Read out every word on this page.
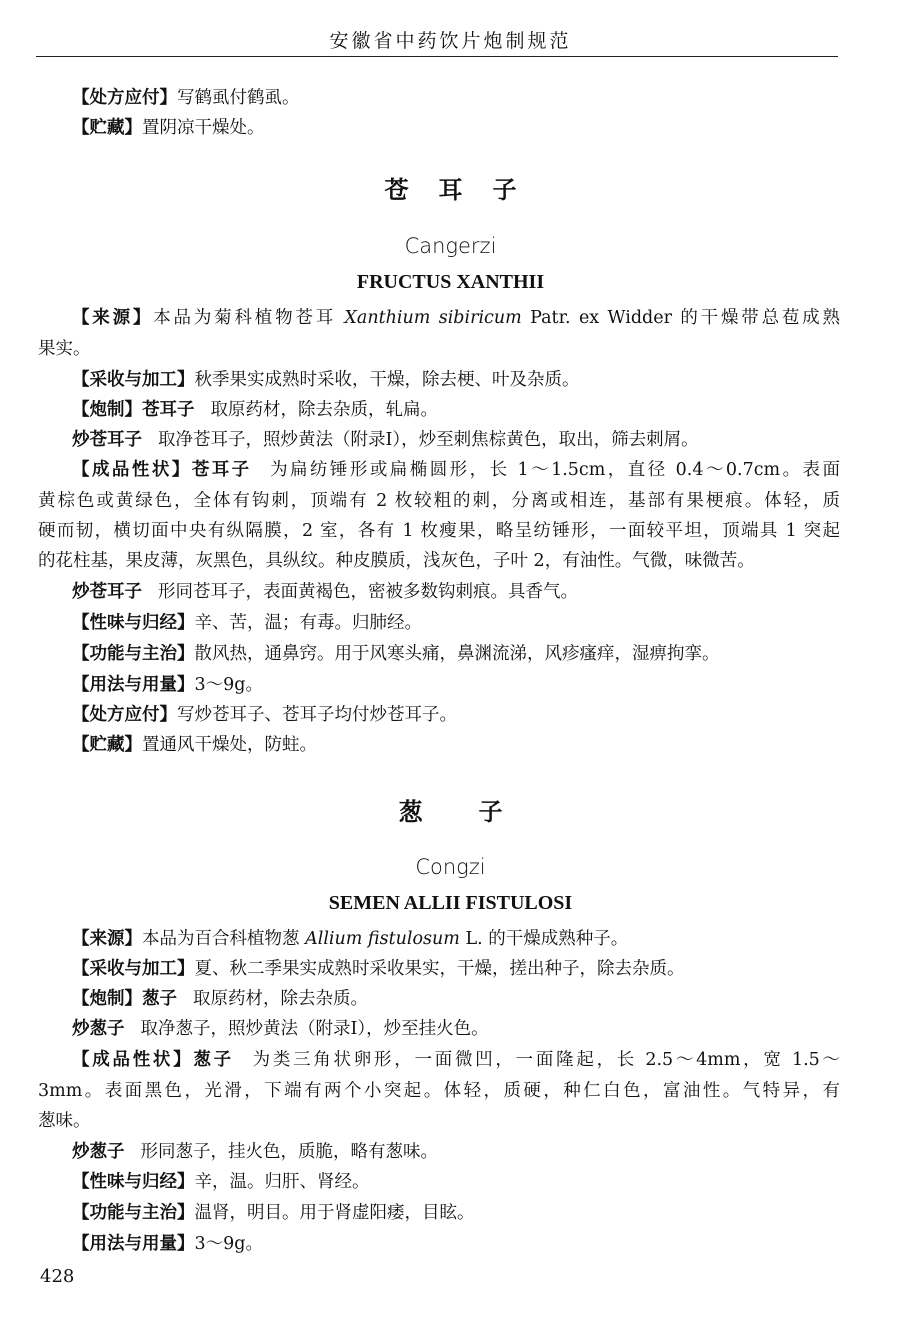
安徽省中药饮片炮制规范
【处方应付】写鹤虱付鹤虱。
【贮藏】置阴凉干燥处。
苍耳子
Cangerzi
FRUCTUS XANTHII
【来源】本品为菊科植物苍耳 Xanthium sibiricum Patr. ex Widder 的干燥带总苞成熟
果实。
【采收与加工】秋季果实成熟时采收，干燥，除去梗、叶及杂质。
【炮制】苍耳子 取原药材，除去杂质，轧扁。
炒苍耳子 取净苍耳子，照炒黄法（附录Ⅰ），炒至刺焦棕黄色，取出，筛去刺屑。
【成品性状】苍耳子 为扁纺锤形或扁椭圆形，长 1～1.5cm，直径 0.4～0.7cm。表面
黄棕色或黄绿色，全体有钩刺，顶端有 2 枚较粗的刺，分离或相连，基部有果梗痕。体轻，质
硬而韧，横切面中央有纵隔膜，2 室，各有 1 枚瘦果，略呈纺锤形，一面较平坦，顶端具 1 突起
的花柱基，果皮薄，灰黑色，具纵纹。种皮膜质，浅灰色，子叶 2，有油性。气微，味微苦。
炒苍耳子 形同苍耳子，表面黄褐色，密被多数钩刺痕。具香气。
【性味与归经】辛、苦，温；有毒。归肺经。
【功能与主治】散风热，通鼻窍。用于风寒头痛，鼻渊流涕，风疹瘙痒，湿痹拘挛。
【用法与用量】3～9g。
【处方应付】写炒苍耳子、苍耳子均付炒苍耳子。
【贮藏】置通风干燥处，防蛀。
葱子
Congzi
SEMEN ALLII FISTULOSI
【来源】本品为百合科植物葱 Allium fistulosum L. 的干燥成熟种子。
【采收与加工】夏、秋二季果实成熟时采收果实，干燥，搓出种子，除去杂质。
【炮制】葱子 取原药材，除去杂质。
炒葱子 取净葱子，照炒黄法（附录Ⅰ），炒至挂火色。
【成品性状】葱子 为类三角状卵形，一面微凹，一面隆起，长 2.5～4mm，宽 1.5～
3mm。表面黑色，光滑，下端有两个小突起。体轻，质硬，种仁白色，富油性。气特异，有
葱味。
炒葱子 形同葱子，挂火色，质脆，略有葱味。
【性味与归经】辛，温。归肝、肾经。
【功能与主治】温肾，明目。用于肾虚阳痿，目眩。
【用法与用量】3～9g。
428
